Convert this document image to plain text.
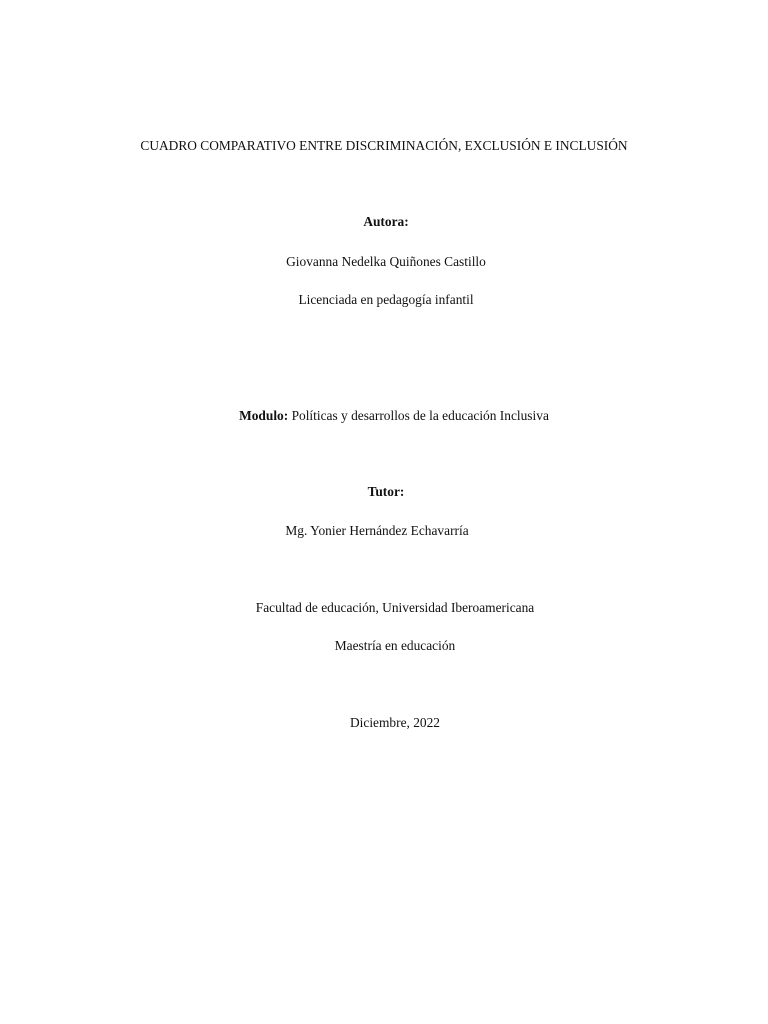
CUADRO COMPARATIVO ENTRE DISCRIMINACIÓN, EXCLUSIÓN E INCLUSIÓN
Autora:
Giovanna Nedelka Quiñones Castillo
Licenciada en pedagogía infantil
Modulo: Políticas y desarrollos de la educación Inclusiva
Tutor:
Mg. Yonier Hernández Echavarría
Facultad de educación, Universidad Iberoamericana
Maestría en educación
Diciembre, 2022
